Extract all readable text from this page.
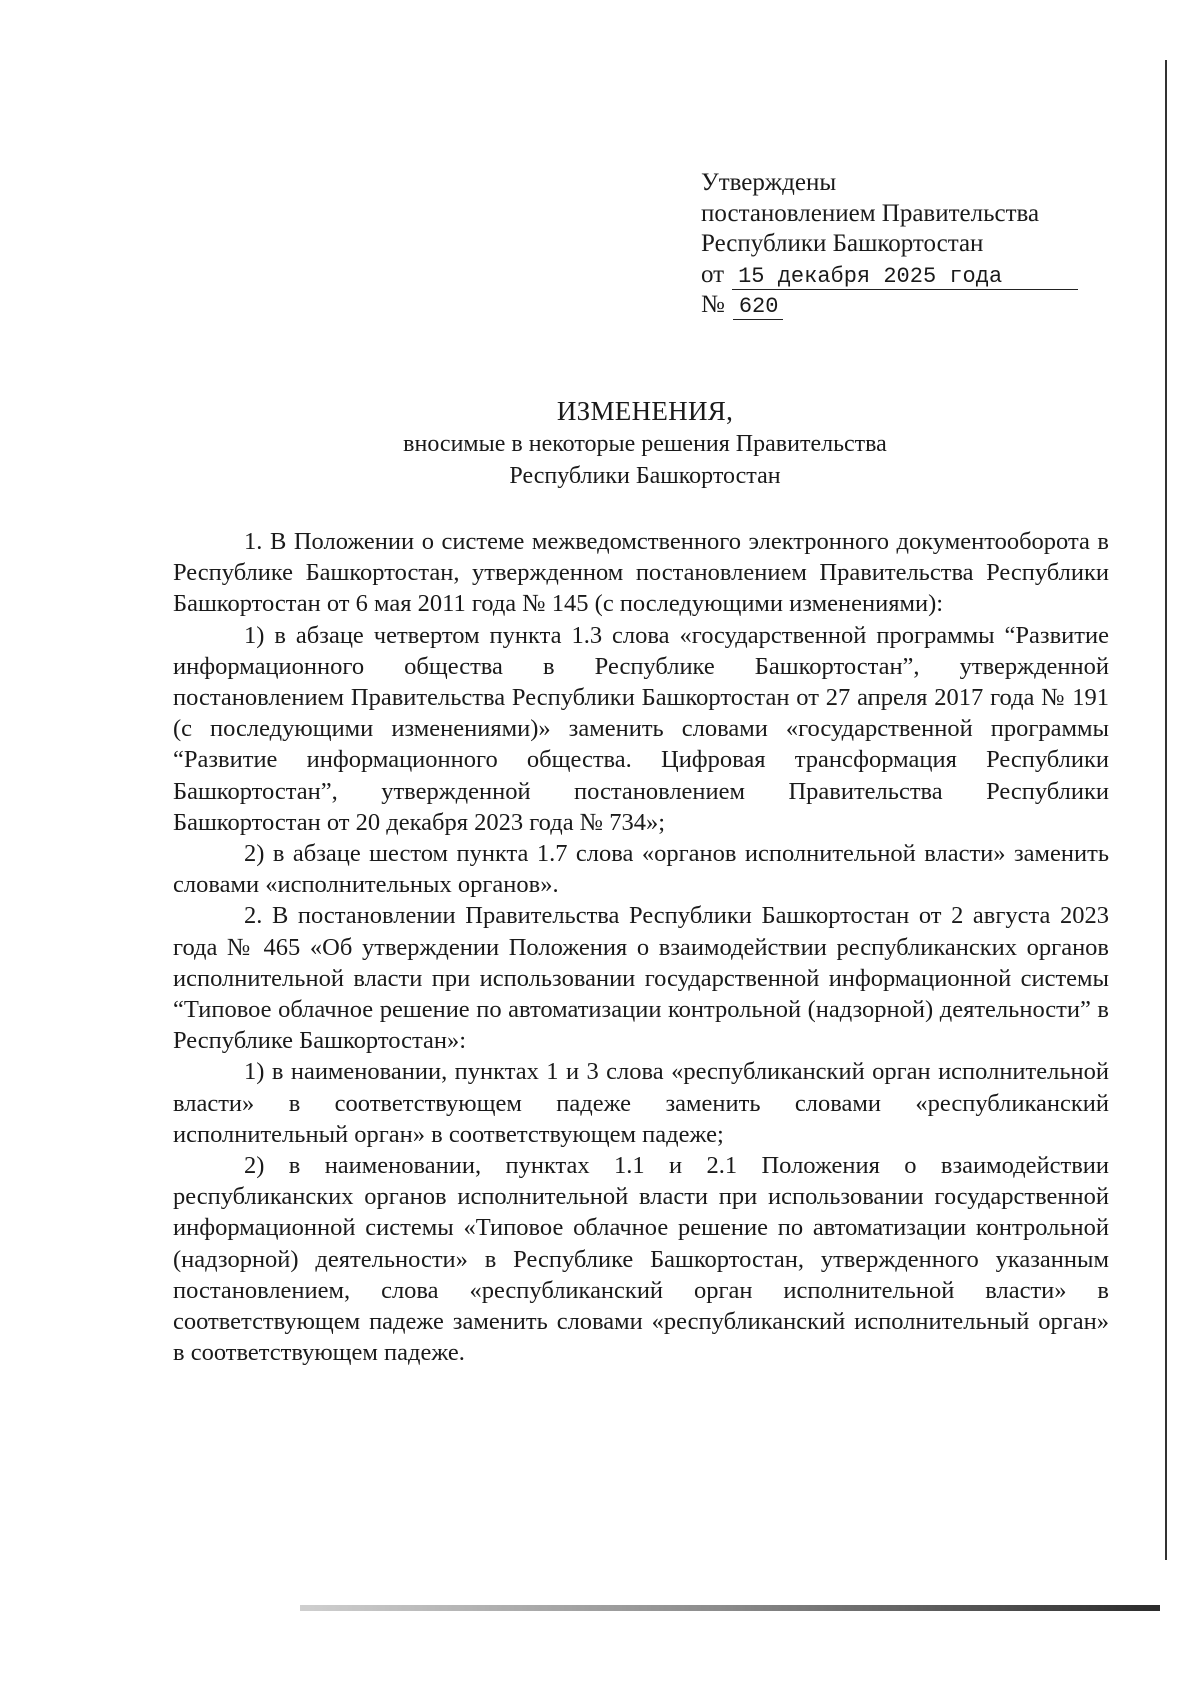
Утверждены
постановлением Правительства
Республики Башкортостан
от 15 декабря 2025 года
№ 620
ИЗМЕНЕНИЯ,
вносимые в некоторые решения Правительства
Республики Башкортостан

1. В Положении о системе межведомственного электронного документооборота в Республике Башкортостан, утвержденном постановлением Правительства Республики Башкортостан от 6 мая 2011 года № 145 (с последующими изменениями):

1) в абзаце четвертом пункта 1.3 слова «государственной программы “Развитие информационного общества в Республике Башкортостан”, утвержденной постановлением Правительства Республики Башкортостан от 27 апреля 2017 года № 191 (с последующими изменениями)» заменить словами «государственной программы “Развитие информационного общества. Цифровая трансформация Республики Башкортостан”, утвержденной постановлением Правительства Республики Башкортостан от 20 декабря 2023 года № 734»;

2) в абзаце шестом пункта 1.7 слова «органов исполнительной власти» заменить словами «исполнительных органов».

2. В постановлении Правительства Республики Башкортостан от 2 августа 2023 года № 465 «Об утверждении Положения о взаимодействии республиканских органов исполнительной власти при использовании государственной информационной системы “Типовое облачное решение по автоматизации контрольной (надзорной) деятельности” в Республике Башкортостан»:

1) в наименовании, пунктах 1 и 3 слова «республиканский орган исполнительной власти» в соответствующем падеже заменить словами «республиканский исполнительный орган» в соответствующем падеже;

2) в наименовании, пунктах 1.1 и 2.1 Положения о взаимодействии республиканских органов исполнительной власти при использовании государственной информационной системы «Типовое облачное решение по автоматизации контрольной (надзорной) деятельности» в Республике Башкортостан, утвержденного указанным постановлением, слова «республиканский орган исполнительной власти» в соответствующем падеже заменить словами «республиканский исполнительный орган» в соответствующем падеже.
